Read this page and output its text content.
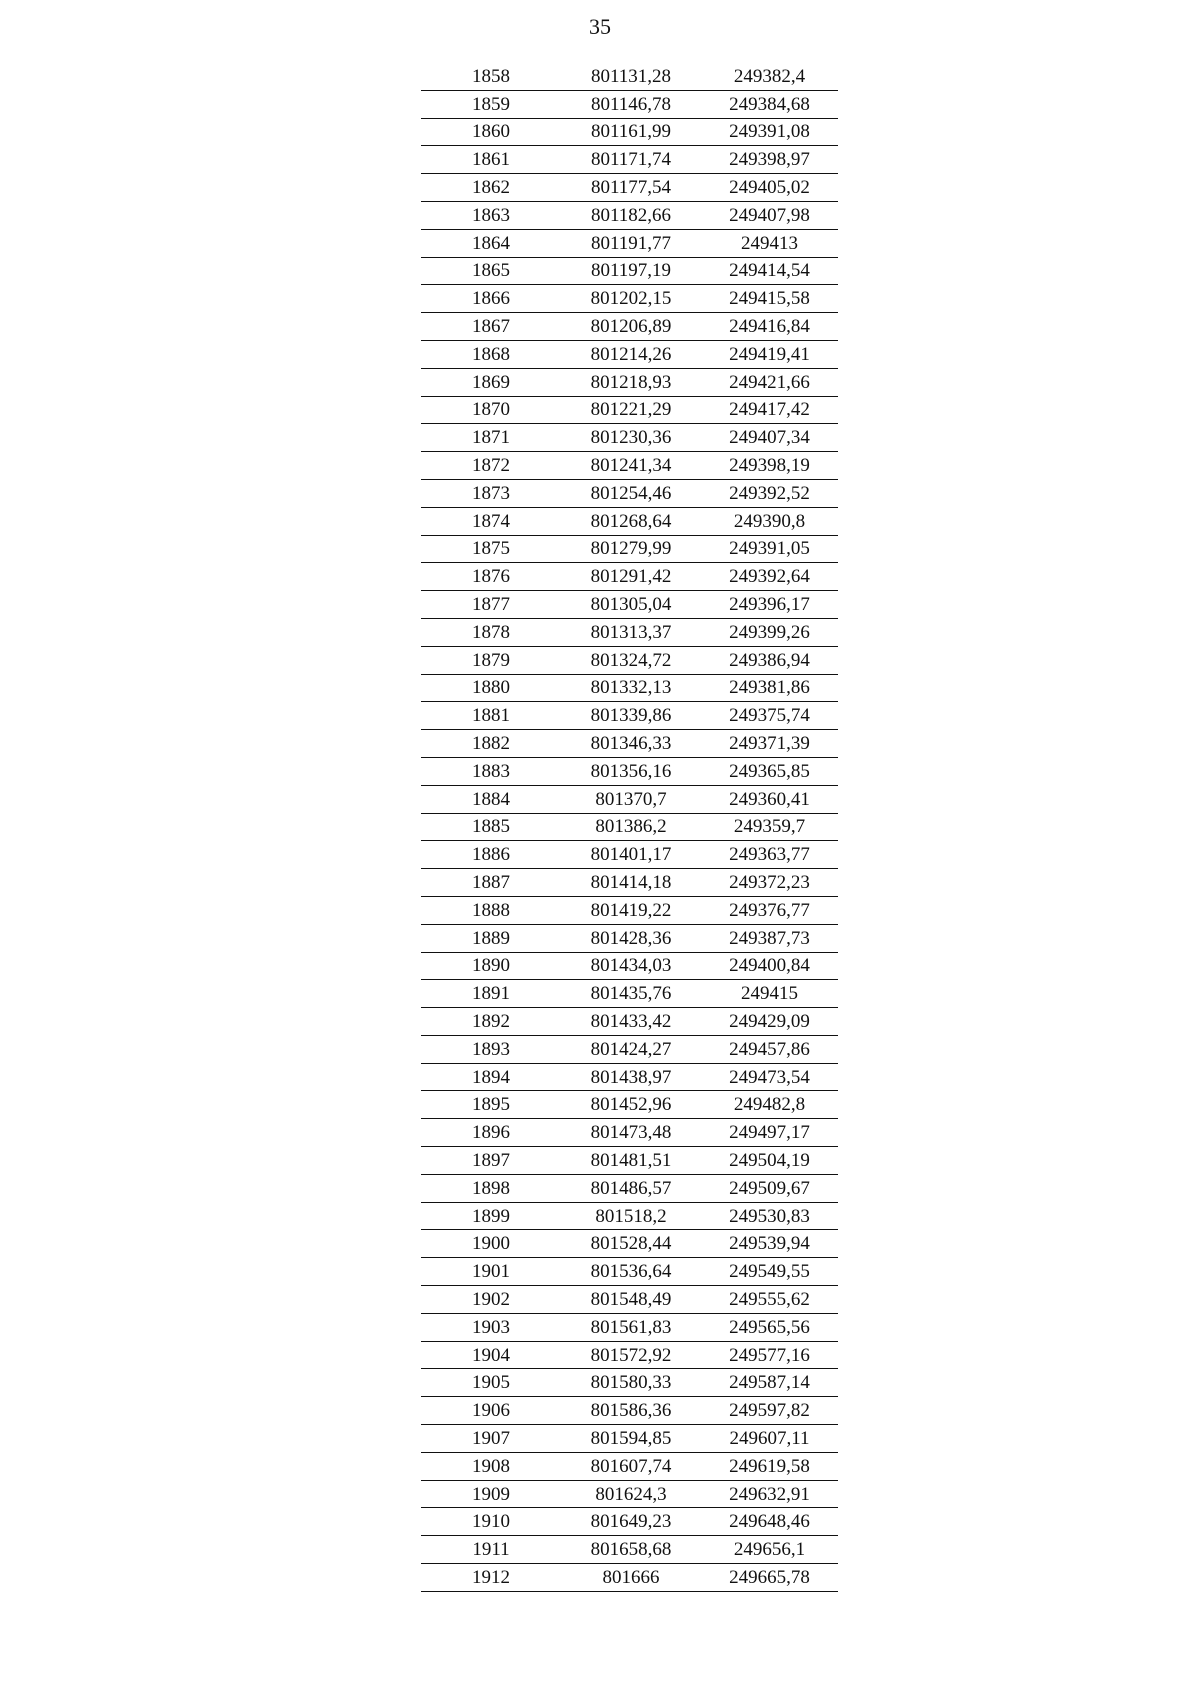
35
1858	801131,28	249382,4
1859	801146,78	249384,68
1860	801161,99	249391,08
1861	801171,74	249398,97
1862	801177,54	249405,02
1863	801182,66	249407,98
1864	801191,77	249413
1865	801197,19	249414,54
1866	801202,15	249415,58
1867	801206,89	249416,84
1868	801214,26	249419,41
1869	801218,93	249421,66
1870	801221,29	249417,42
1871	801230,36	249407,34
1872	801241,34	249398,19
1873	801254,46	249392,52
1874	801268,64	249390,8
1875	801279,99	249391,05
1876	801291,42	249392,64
1877	801305,04	249396,17
1878	801313,37	249399,26
1879	801324,72	249386,94
1880	801332,13	249381,86
1881	801339,86	249375,74
1882	801346,33	249371,39
1883	801356,16	249365,85
1884	801370,7	249360,41
1885	801386,2	249359,7
1886	801401,17	249363,77
1887	801414,18	249372,23
1888	801419,22	249376,77
1889	801428,36	249387,73
1890	801434,03	249400,84
1891	801435,76	249415
1892	801433,42	249429,09
1893	801424,27	249457,86
1894	801438,97	249473,54
1895	801452,96	249482,8
1896	801473,48	249497,17
1897	801481,51	249504,19
1898	801486,57	249509,67
1899	801518,2	249530,83
1900	801528,44	249539,94
1901	801536,64	249549,55
1902	801548,49	249555,62
1903	801561,83	249565,56
1904	801572,92	249577,16
1905	801580,33	249587,14
1906	801586,36	249597,82
1907	801594,85	249607,11
1908	801607,74	249619,58
1909	801624,3	249632,91
1910	801649,23	249648,46
1911	801658,68	249656,1
1912	801666	249665,78
